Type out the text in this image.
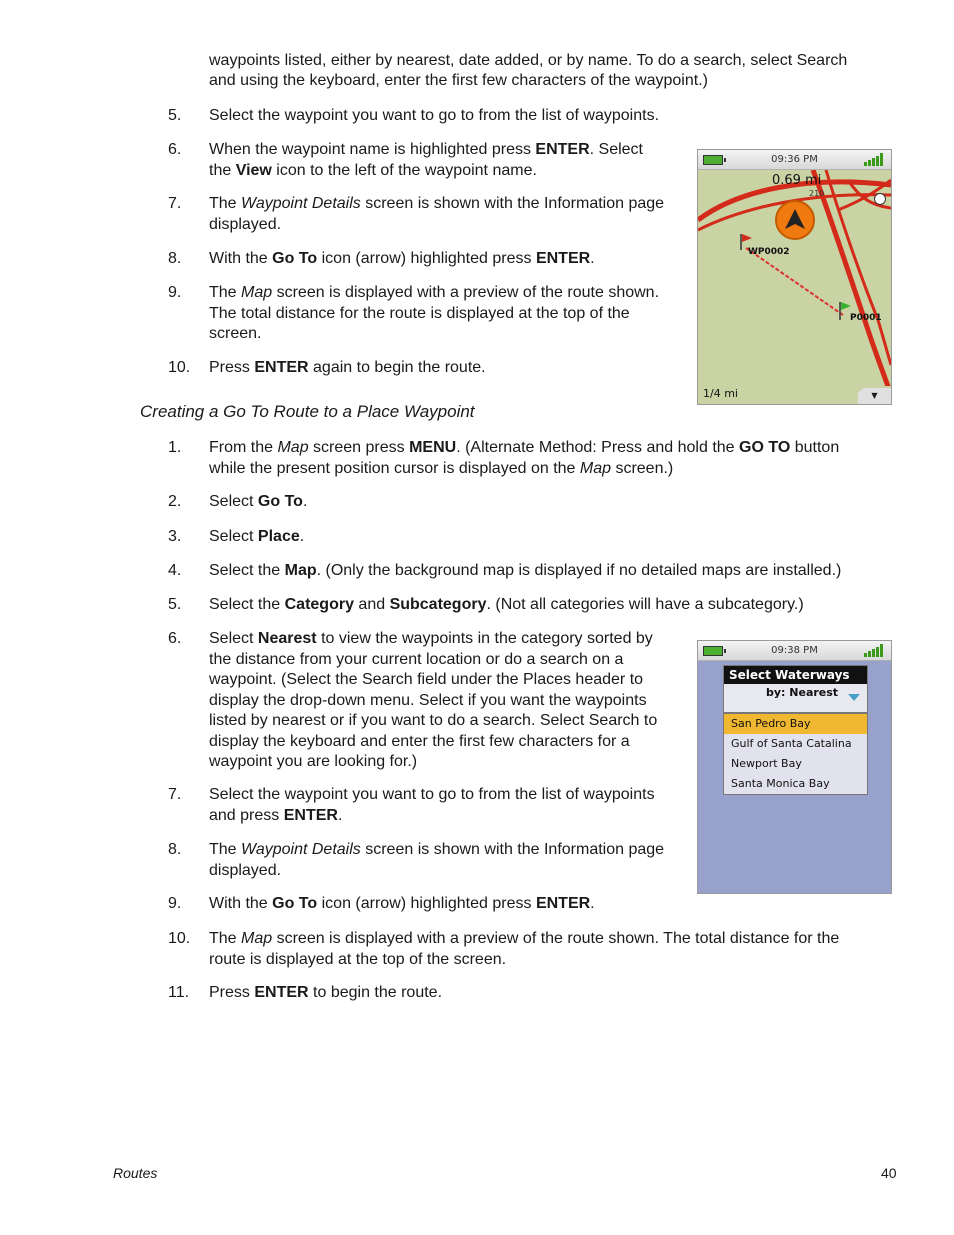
waypoints listed, either by nearest, date added, or by name. To do a search, select Search
and using the keyboard, enter the first few characters of the waypoint.)
5. Select the waypoint you want to go to from the list of waypoints.
6. When the waypoint name is highlighted press ENTER. Select
the View icon to the left of the waypoint name.
7. The Waypoint Details screen is shown with the Information page
displayed.
8. With the Go To icon (arrow) highlighted press ENTER.
9. The Map screen is displayed with a preview of the route shown.
The total distance for the route is displayed at the top of the
screen.
10. Press ENTER again to begin the route.
09:36 PM
0.69 mi
210
WP0002
P0001
1/4 mi	▼
Creating a Go To Route to a Place Waypoint
1. From the Map screen press MENU. (Alternate Method: Press and hold the GO TO button
while the present position cursor is displayed on the Map screen.)
2. Select Go To.
3. Select Place.
4. Select the Map. (Only the background map is displayed if no detailed maps are installed.)
5. Select the Category and Subcategory. (Not all categories will have a subcategory.)
6. Select Nearest to view the waypoints in the category sorted by
the distance from your current location or do a search on a
waypoint. (Select the Search field under the Places header to
display the drop-down menu. Select if you want the waypoints
listed by nearest or if you want to do a search. Select Search to
display the keyboard and enter the first few characters for a
waypoint you are looking for.)
7. Select the waypoint you want to go to from the list of waypoints
and press ENTER.
8. The Waypoint Details screen is shown with the Information page
displayed.
9. With the Go To icon (arrow) highlighted press ENTER.
10. The Map screen is displayed with a preview of the route shown. The total distance for the
route is displayed at the top of the screen.
11. Press ENTER to begin the route.
09:38 PM
Select Waterways
by: Nearest
San Pedro Bay
Gulf of Santa Catalina
Newport Bay
Santa Monica Bay
Routes	40
